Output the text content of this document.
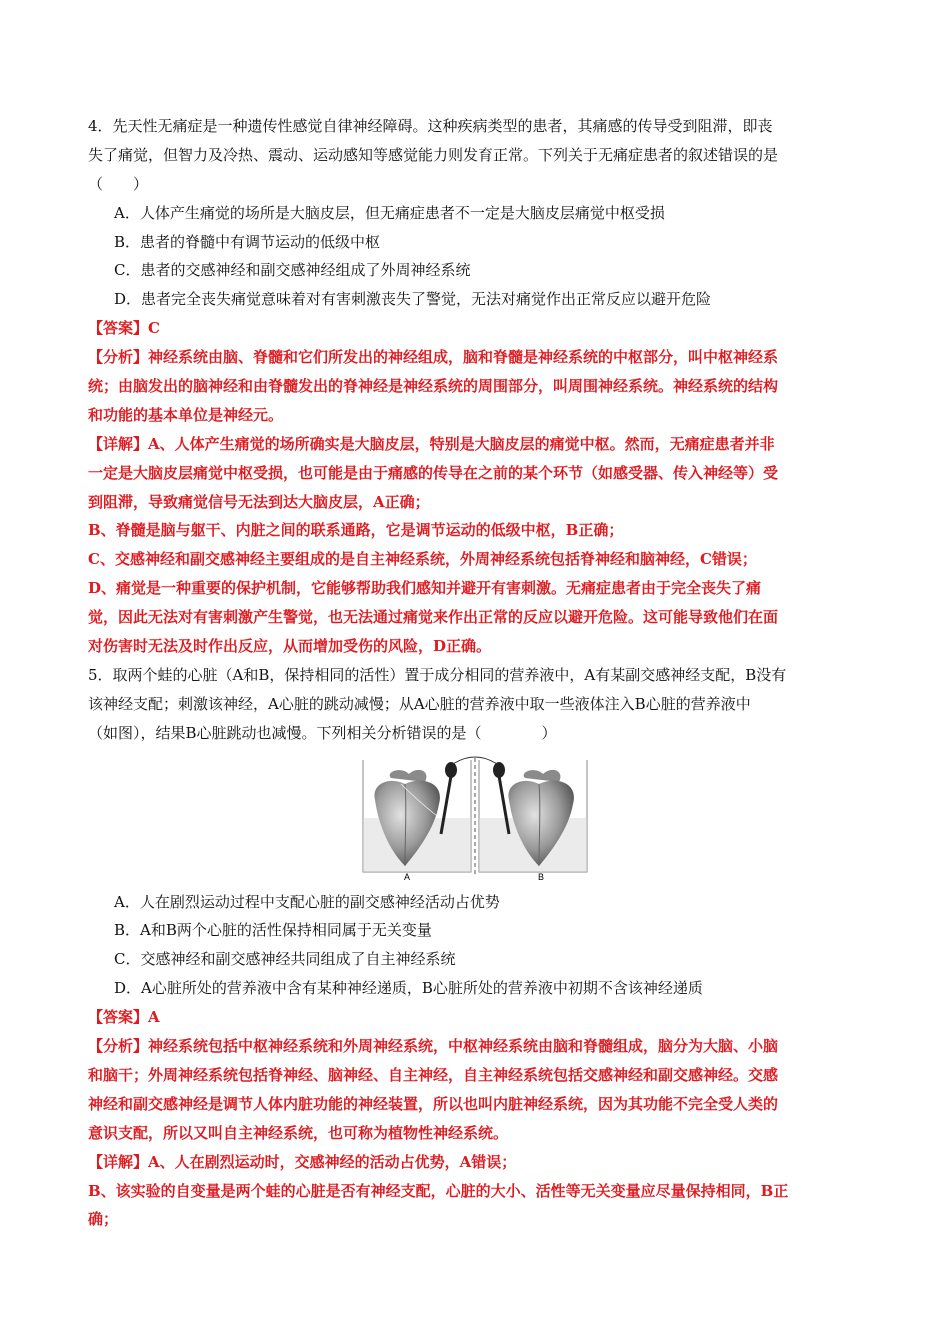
4．先天性无痛症是一种遗传性感觉自律神经障碍。这种疾病类型的患者，其痛感的传导受到阻滞，即丧
失了痛觉，但智力及冷热、震动、运动感知等感觉能力则发育正常。下列关于无痛症患者的叙述错误的是
（　　）
A．人体产生痛觉的场所是大脑皮层，但无痛症患者不一定是大脑皮层痛觉中枢受损
B．患者的脊髓中有调节运动的低级中枢
C．患者的交感神经和副交感神经组成了外周神经系统
D．患者完全丧失痛觉意味着对有害刺激丧失了警觉，无法对痛觉作出正常反应以避开危险
【答案】C
【分析】神经系统由脑、脊髓和它们所发出的神经组成，脑和脊髓是神经系统的中枢部分，叫中枢神经系
统；由脑发出的脑神经和由脊髓发出的脊神经是神经系统的周围部分，叫周围神经系统。神经系统的结构
和功能的基本单位是神经元。
【详解】A、人体产生痛觉的场所确实是大脑皮层，特别是大脑皮层的痛觉中枢。然而，无痛症患者并非
一定是大脑皮层痛觉中枢受损，也可能是由于痛感的传导在之前的某个环节（如感受器、传入神经等）受
到阻滞，导致痛觉信号无法到达大脑皮层，A正确；
B、脊髓是脑与躯干、内脏之间的联系通路，它是调节运动的低级中枢，B正确；
C、交感神经和副交感神经主要组成的是自主神经系统，外周神经系统包括脊神经和脑神经，C错误；
D、痛觉是一种重要的保护机制，它能够帮助我们感知并避开有害刺激。无痛症患者由于完全丧失了痛
觉，因此无法对有害刺激产生警觉，也无法通过痛觉来作出正常的反应以避开危险。这可能导致他们在面
对伤害时无法及时作出反应，从而增加受伤的风险，D正确。
5．取两个蛙的心脏（A和B，保持相同的活性）置于成分相同的营养液中，A有某副交感神经支配，B没有
该神经支配；刺激该神经，A心脏的跳动减慢；从A心脏的营养液中取一些液体注入B心脏的营养液中
（如图），结果B心脏跳动也减慢。下列相关分析错误的是（　　　　）
A	B
A．人在剧烈运动过程中支配心脏的副交感神经活动占优势
B．A和B两个心脏的活性保持相同属于无关变量
C．交感神经和副交感神经共同组成了自主神经系统
D．A心脏所处的营养液中含有某种神经递质，B心脏所处的营养液中初期不含该神经递质
【答案】A
【分析】神经系统包括中枢神经系统和外周神经系统，中枢神经系统由脑和脊髓组成，脑分为大脑、小脑
和脑干；外周神经系统包括脊神经、脑神经、自主神经，自主神经系统包括交感神经和副交感神经。交感
神经和副交感神经是调节人体内脏功能的神经装置，所以也叫内脏神经系统，因为其功能不完全受人类的
意识支配，所以又叫自主神经系统，也可称为植物性神经系统。
【详解】A、人在剧烈运动时，交感神经的活动占优势，A错误；
B、该实验的自变量是两个蛙的心脏是否有神经支配，心脏的大小、活性等无关变量应尽量保持相同，B正
确；
